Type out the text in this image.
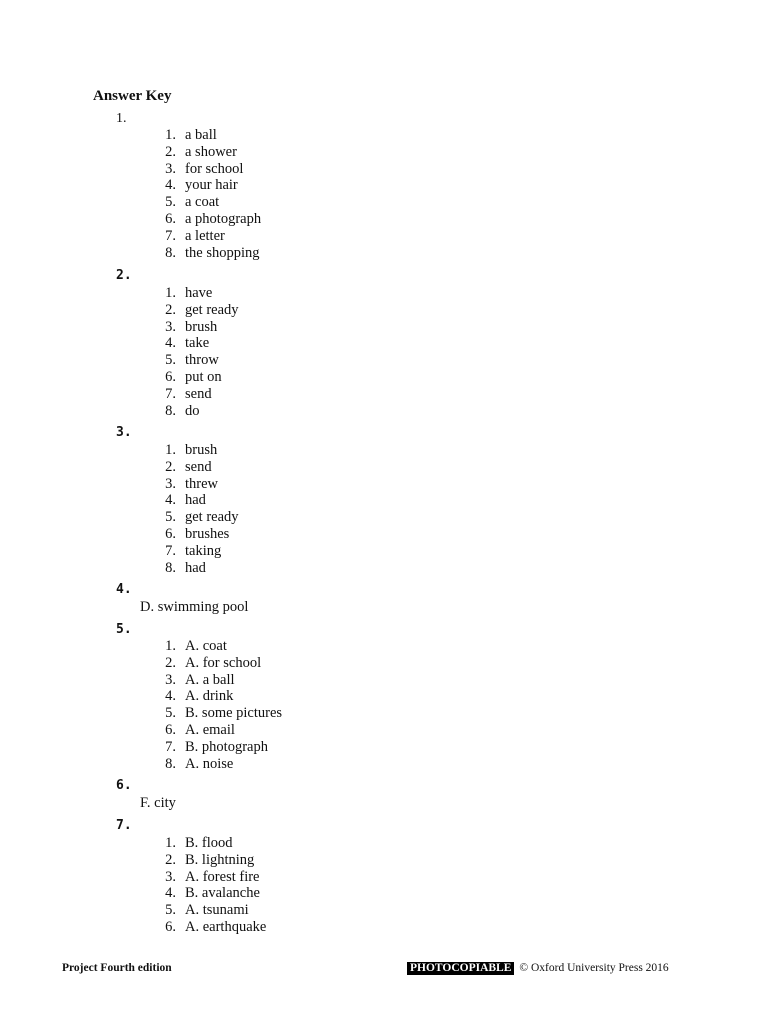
Answer Key
1.
1. a ball
2. a shower
3. for school
4. your hair
5. a coat
6. a photograph
7. a letter
8. the shopping
2.
1. have
2. get ready
3. brush
4. take
5. throw
6. put on
7. send
8. do
3.
1. brush
2. send
3. threw
4. had
5. get ready
6. brushes
7. taking
8. had
4.
D. swimming pool
5.
1. A. coat
2. A. for school
3. A. a ball
4. A. drink
5. B. some pictures
6. A. email
7. B. photograph
8. A. noise
6.
F. city
7.
1. B. flood
2. B. lightning
3. A. forest fire
4. B. avalanche
5. A. tsunami
6. A. earthquake
Project Fourth edition	PHOTOCOPIABLE © Oxford University Press 2016
